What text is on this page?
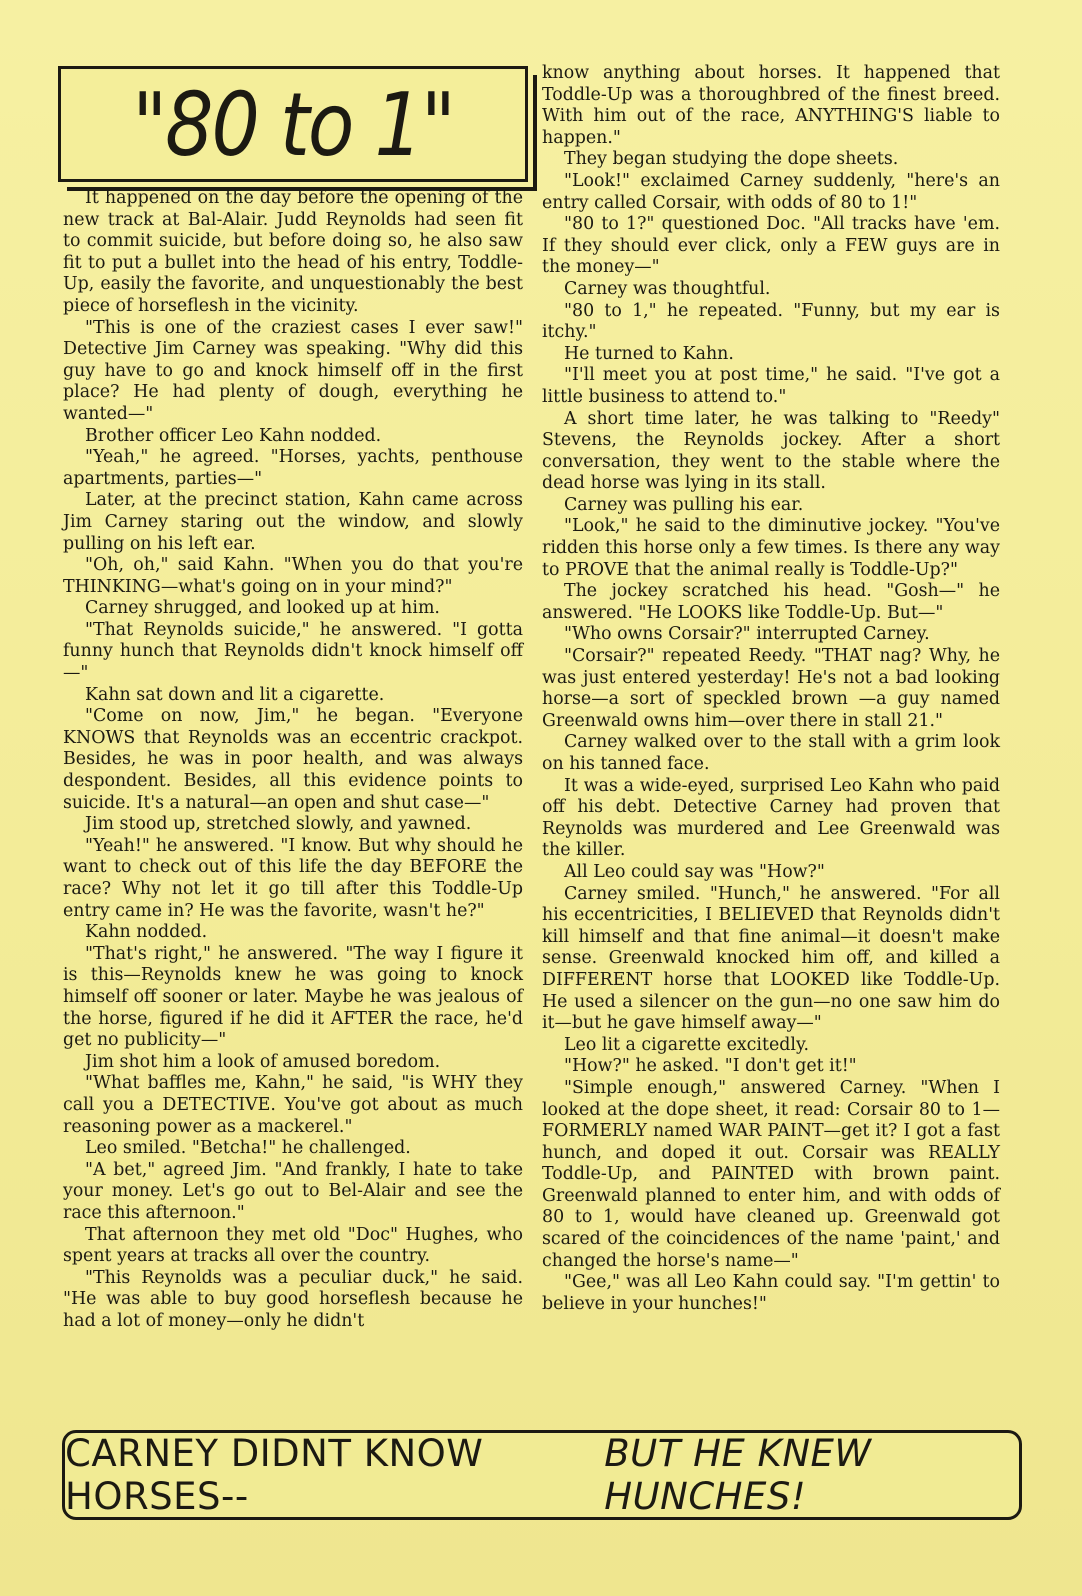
"80 to 1"

It happened on the day before the opening of the new track at Bal-Alair. Judd Reynolds had seen fit to commit suicide, but before doing so, he also saw fit to put a bullet into the head of his entry, Toddle-Up, easily the favorite, and unquestionably the best piece of horseflesh in the vicinity.

"This is one of the craziest cases I ever saw!" Detective Jim Carney was speaking. "Why did this guy have to go and knock himself off in the first place? He had plenty of dough, everything he wanted—"

Brother officer Leo Kahn nodded.

"Yeah," he agreed. "Horses, yachts, penthouse apartments, parties—"

Later, at the precinct station, Kahn came across Jim Carney staring out the window, and slowly pulling on his left ear.

"Oh, oh," said Kahn. "When you do that you're THINKING—what's going on in your mind?"

Carney shrugged, and looked up at him.

"That Reynolds suicide," he answered. "I gotta funny hunch that Reynolds didn't knock himself off—"

Kahn sat down and lit a cigarette.

"Come on now, Jim," he began. "Everyone KNOWS that Reynolds was an eccentric crackpot. Besides, he was in poor health, and was always despondent. Besides, all this evidence points to suicide. It's a natural—an open and shut case—"

Jim stood up, stretched slowly, and yawned.

"Yeah!" he answered. "I know. But why should he want to check out of this life the day BEFORE the race? Why not let it go till after this Toddle-Up entry came in? He was the favorite, wasn't he?"

Kahn nodded.

"That's right," he answered. "The way I figure it is this—Reynolds knew he was going to knock himself off sooner or later. Maybe he was jealous of the horse, figured if he did it AFTER the race, he'd get no publicity—"

Jim shot him a look of amused boredom.

"What baffles me, Kahn," he said, "is WHY they call you a DETECTIVE. You've got about as much reasoning power as a mackerel."

Leo smiled. "Betcha!" he challenged.

"A bet," agreed Jim. "And frankly, I hate to take your money. Let's go out to Bel-Alair and see the race this afternoon."

That afternoon they met old "Doc" Hughes, who spent years at tracks all over the country.

"This Reynolds was a peculiar duck," he said. "He was able to buy good horseflesh because he had a lot of money—only he didn't

know anything about horses. It happened that Toddle-Up was a thoroughbred of the finest breed. With him out of the race, ANYTHING'S liable to happen."

They began studying the dope sheets.

"Look!" exclaimed Carney suddenly, "here's an entry called Corsair, with odds of 80 to 1!"

"80 to 1?" questioned Doc. "All tracks have 'em. If they should ever click, only a FEW guys are in the money—"

Carney was thoughtful.

"80 to 1," he repeated. "Funny, but my ear is itchy."

He turned to Kahn.

"I'll meet you at post time," he said. "I've got a little business to attend to."

A short time later, he was talking to "Reedy" Stevens, the Reynolds jockey. After a short conversation, they went to the stable where the dead horse was lying in its stall.

Carney was pulling his ear.

"Look," he said to the diminutive jockey. "You've ridden this horse only a few times. Is there any way to PROVE that the animal really is Toddle-Up?"

The jockey scratched his head. "Gosh—" he answered. "He LOOKS like Toddle-Up. But—"

"Who owns Corsair?" interrupted Carney.

"Corsair?" repeated Reedy. "THAT nag? Why, he was just entered yesterday! He's not a bad looking horse—a sort of speckled brown —a guy named Greenwald owns him—over there in stall 21."

Carney walked over to the stall with a grim look on his tanned face.

It was a wide-eyed, surprised Leo Kahn who paid off his debt. Detective Carney had proven that Reynolds was murdered and Lee Greenwald was the killer.

All Leo could say was "How?"

Carney smiled. "Hunch," he answered. "For all his eccentricities, I BELIEVED that Reynolds didn't kill himself and that fine animal—it doesn't make sense. Greenwald knocked him off, and killed a DIFFERENT horse that LOOKED like Toddle-Up. He used a silencer on the gun—no one saw him do it—but he gave himself away—"

Leo lit a cigarette excitedly.

"How?" he asked. "I don't get it!"

"Simple enough," answered Carney. "When I looked at the dope sheet, it read: Corsair 80 to 1—FORMERLY named WAR PAINT—get it? I got a fast hunch, and doped it out. Corsair was REALLY Toddle-Up, and PAINTED with brown paint. Greenwald planned to enter him, and with odds of 80 to 1, would have cleaned up. Greenwald got scared of the coincidences of the name 'paint,' and changed the horse's name—"

"Gee," was all Leo Kahn could say. "I'm gettin' to believe in your hunches!"

CARNEY DIDNT KNOW HORSES--
BUT HE KNEW HUNCHES!
